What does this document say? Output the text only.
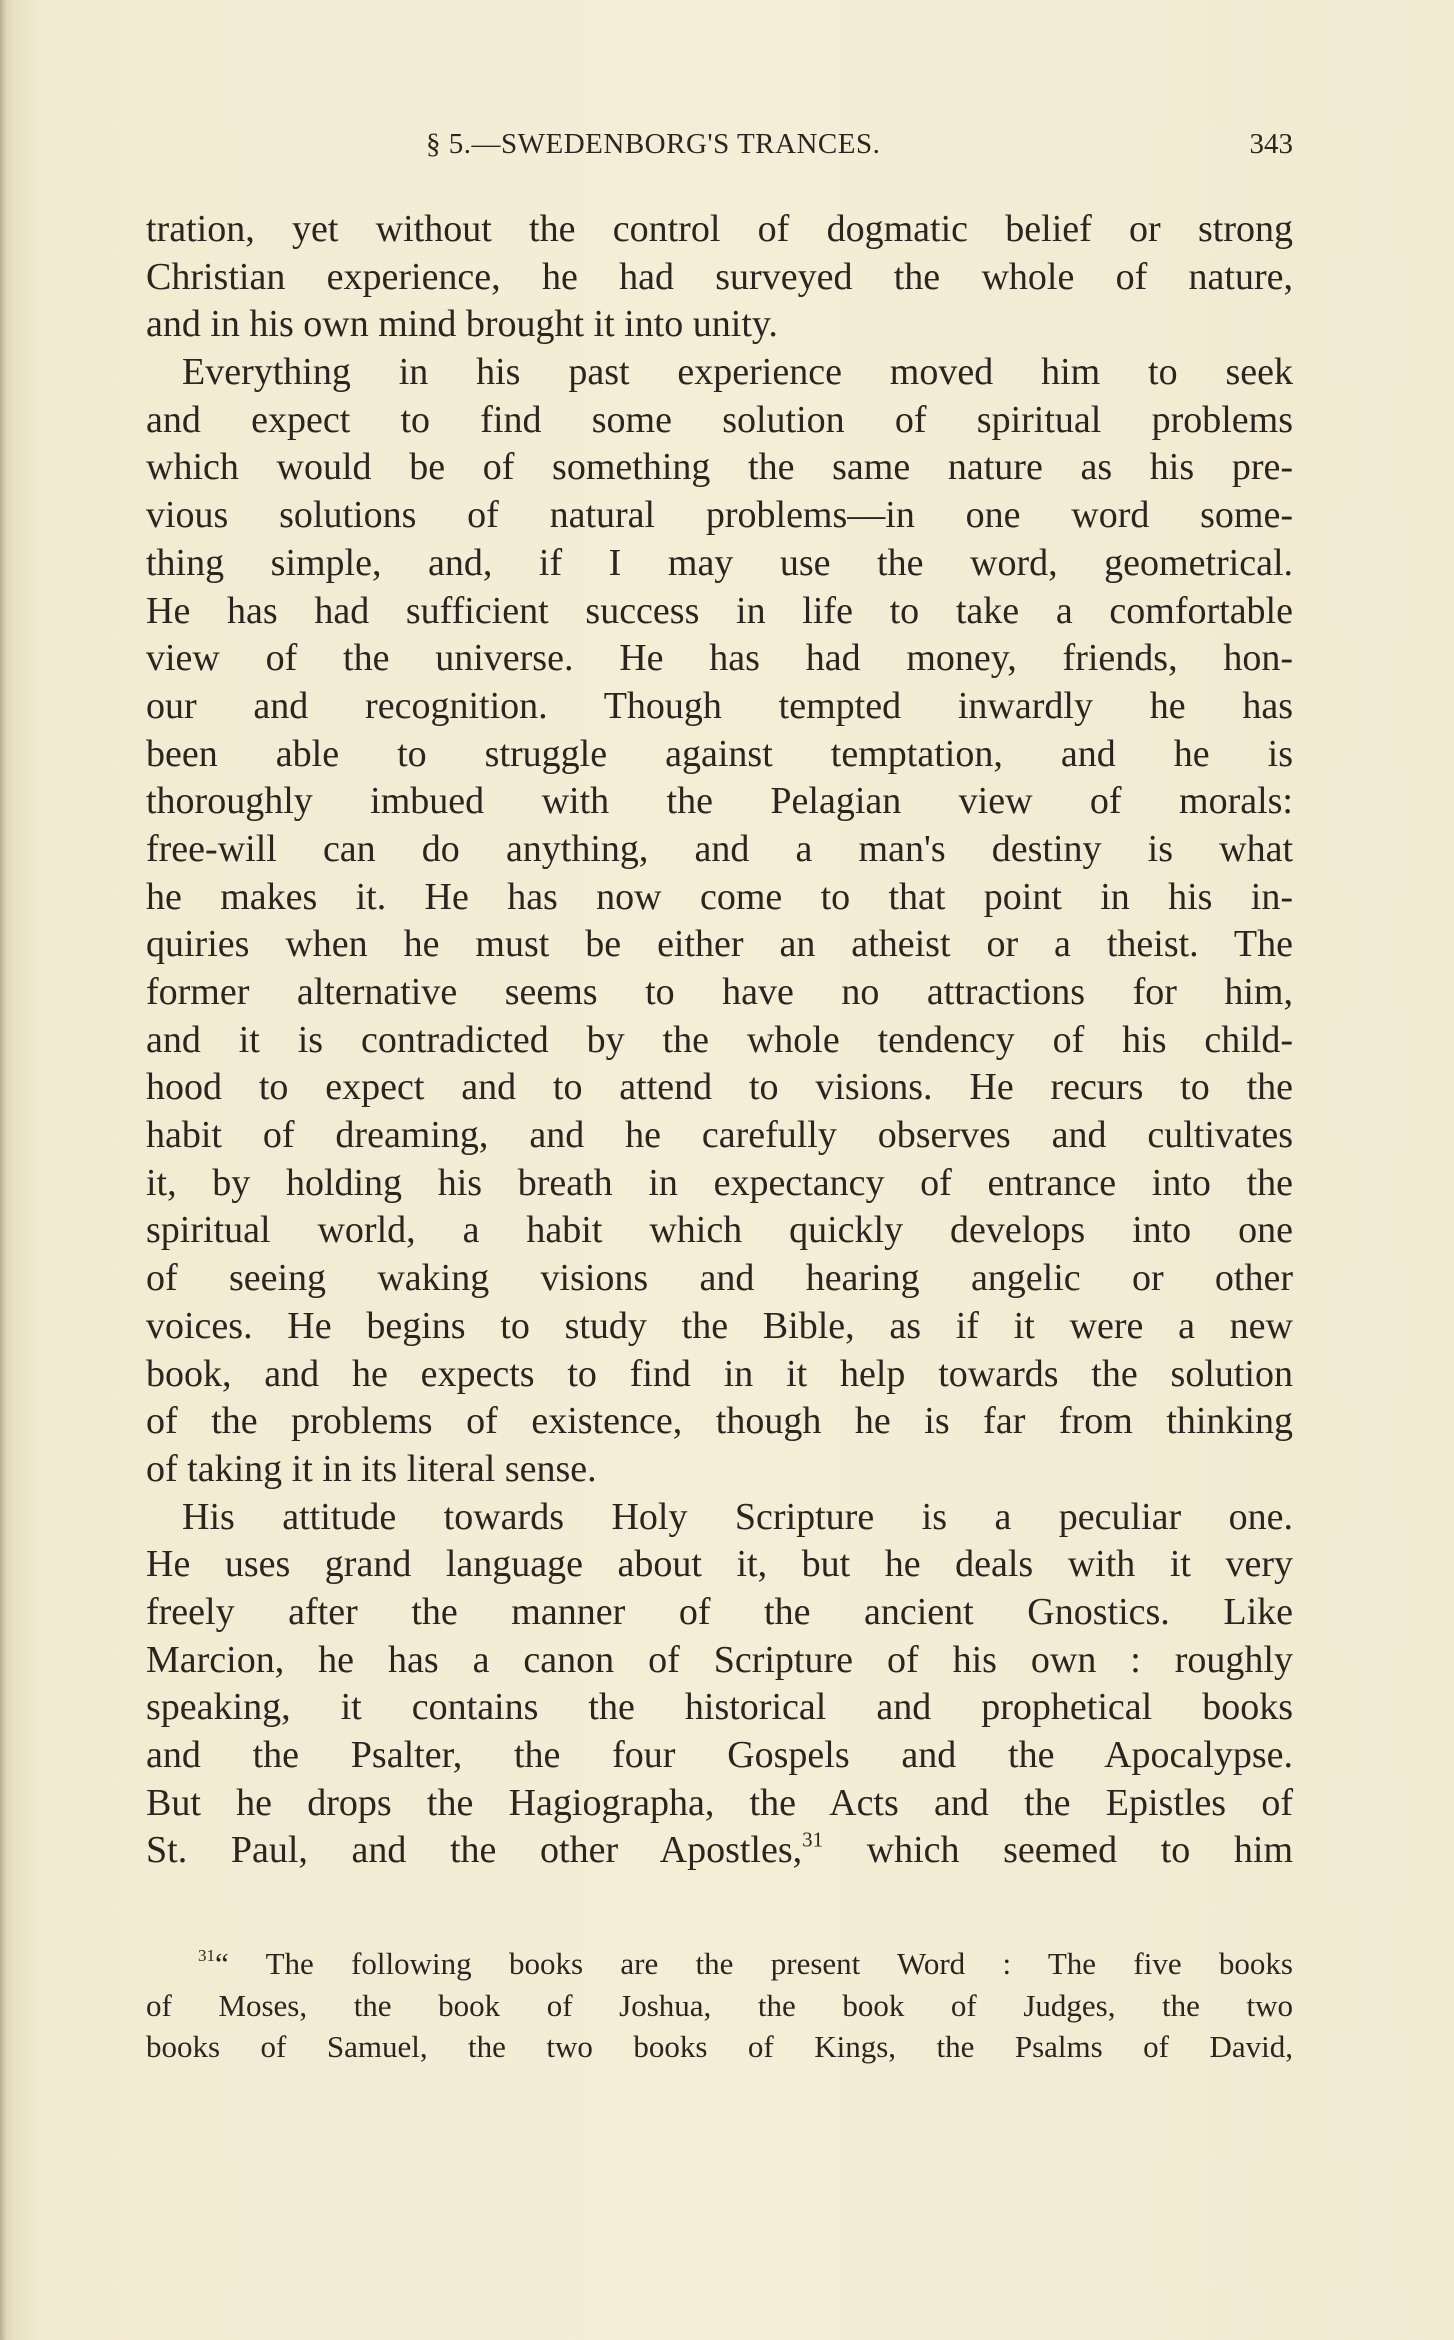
§ 5.—SWEDENBORG'S TRANCES.	343
tration, yet without the control of dogmatic belief or strong
Christian experience, he had surveyed the whole of nature,
and in his own mind brought it into unity.
Everything in his past experience moved him to seek
and expect to find some solution of spiritual problems
which would be of something the same nature as his pre-
vious solutions of natural problems—in one word some-
thing simple, and, if I may use the word, geometrical.
He has had sufficient success in life to take a comfortable
view of the universe. He has had money, friends, hon-
our and recognition. Though tempted inwardly he has
been able to struggle against temptation, and he is
thoroughly imbued with the Pelagian view of morals:
free-will can do anything, and a man's destiny is what
he makes it. He has now come to that point in his in-
quiries when he must be either an atheist or a theist. The
former alternative seems to have no attractions for him,
and it is contradicted by the whole tendency of his child-
hood to expect and to attend to visions. He recurs to the
habit of dreaming, and he carefully observes and cultivates
it, by holding his breath in expectancy of entrance into the
spiritual world, a habit which quickly develops into one
of seeing waking visions and hearing angelic or other
voices. He begins to study the Bible, as if it were a new
book, and he expects to find in it help towards the solution
of the problems of existence, though he is far from thinking
of taking it in its literal sense.
His attitude towards Holy Scripture is a peculiar one.
He uses grand language about it, but he deals with it very
freely after the manner of the ancient Gnostics. Like
Marcion, he has a canon of Scripture of his own : roughly
speaking, it contains the historical and prophetical books
and the Psalter, the four Gospels and the Apocalypse.
But he drops the Hagiographa, the Acts and the Epistles of
St. Paul, and the other Apostles,$^{31}$ which seemed to him
$^{31}$“ The following books are the present Word : The five books
of Moses, the book of Joshua, the book of Judges, the two
books of Samuel, the two books of Kings, the Psalms of David,
